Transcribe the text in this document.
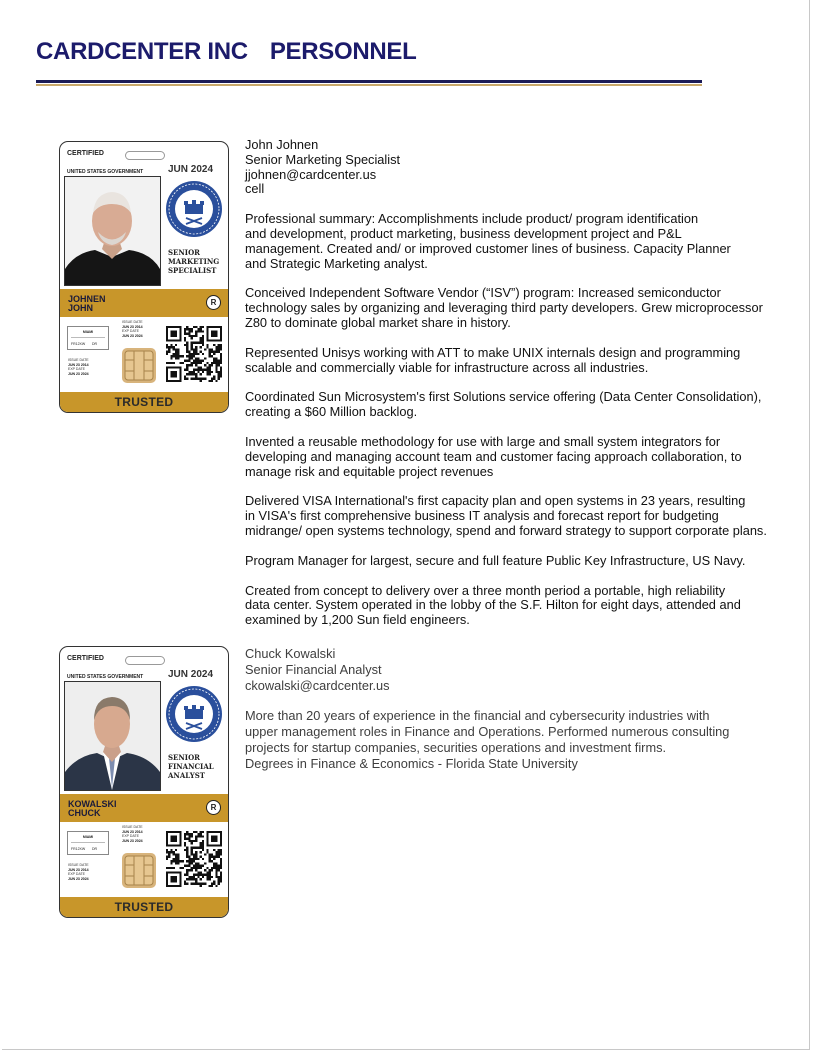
CARDCENTER INC PERSONNEL
CERTIFIED
UNITED STATES GOVERNMENT JUN 2024
SENIOR
MARKETING
SPECIALIST
JOHNEN
JOHN
R
MIAMI
FR12XW DR
ISSUE DATE
JUN 23 2014
EXP DATE
JUN 23 2024
ISSUE DATE
JUN 23 2014
EXP DATE
JUN 23 2024
TRUSTED
John Johnen
Senior Marketing Specialist
jjohnen@cardcenter.us
cell

Professional summary: Accomplishments include product/ program identification
and development, product marketing, business development project and P&L
management. Created and/ or improved customer lines of business. Capacity Planner
and Strategic Marketing analyst.

Conceived Independent Software Vendor (“ISV”) program: Increased semiconductor
technology sales by organizing and leveraging third party developers. Grew microprocessor
Z80 to dominate global market share in history.

Represented Unisys working with ATT to make UNIX internals design and programming
scalable and commercially viable for infrastructure across all industries.

Coordinated Sun Microsystem's first Solutions service offering (Data Center Consolidation),
creating a $60 Million backlog.

Invented a reusable methodology for use with large and small system integrators for
developing and managing account team and customer facing approach collaboration, to
manage risk and equitable project revenues

Delivered VISA International's first capacity plan and open systems in 23 years, resulting
in VISA's first comprehensive business IT analysis and forecast report for budgeting
midrange/ open systems technology, spend and forward strategy to support corporate plans.

Program Manager for largest, secure and full feature Public Key Infrastructure, US Navy.

Created from concept to delivery over a three month period a portable, high reliability
data center. System operated in the lobby of the S.F. Hilton for eight days, attended and
examined by 1,200 Sun field engineers.

CERTIFIED
UNITED STATES GOVERNMENT JUN 2024
SENIOR
FINANCIAL
ANALYST
KOWALSKI
CHUCK
R
MIAMI
FR12XW DR
ISSUE DATE
JUN 23 2014
EXP DATE
JUN 23 2024
ISSUE DATE
JUN 23 2014
EXP DATE
JUN 23 2024
TRUSTED
Chuck Kowalski
Senior Financial Analyst
ckowalski@cardcenter.us

More than 20 years of experience in the financial and cybersecurity industries with
upper management roles in Finance and Operations. Performed numerous consulting
projects for startup companies, securities operations and investment firms.
Degrees in Finance & Economics - Florida State University
